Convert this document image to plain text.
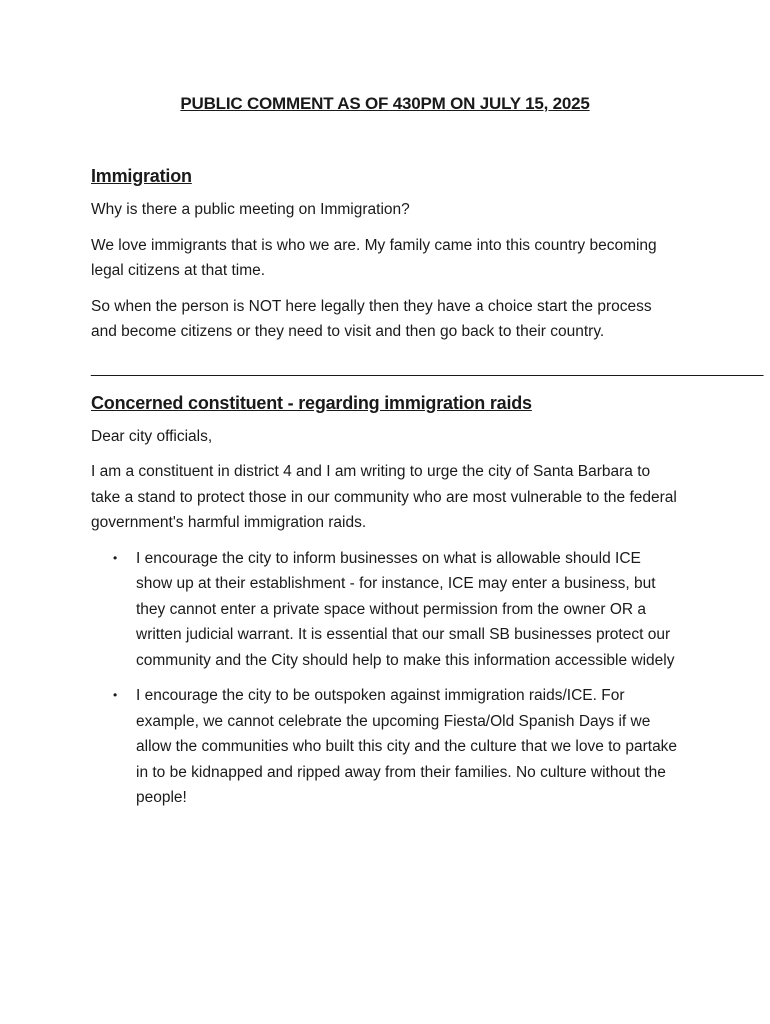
PUBLIC COMMENT AS OF 430PM ON JULY 15, 2025
Immigration

Why is there a public meeting on Immigration?

We love immigrants that is who we are. My family came into this country becoming legal citizens at that time.

So when the person is NOT here legally then they have a choice start the process and become citizens or they need to visit and then go back to their country.

______________________________________________________________________________
Concerned constituent - regarding immigration raids

Dear city officials,

I am a constituent in district 4 and I am writing to urge the city of Santa Barbara to take a stand to protect those in our community who are most vulnerable to the federal government's harmful immigration raids.

• I encourage the city to inform businesses on what is allowable should ICE show up at their establishment - for instance, ICE may enter a business, but they cannot enter a private space without permission from the owner OR a written judicial warrant. It is essential that our small SB businesses protect our community and the City should help to make this information accessible widely
• I encourage the city to be outspoken against immigration raids/ICE. For example, we cannot celebrate the upcoming Fiesta/Old Spanish Days if we allow the communities who built this city and the culture that we love to partake in to be kidnapped and ripped away from their families. No culture without the people!
